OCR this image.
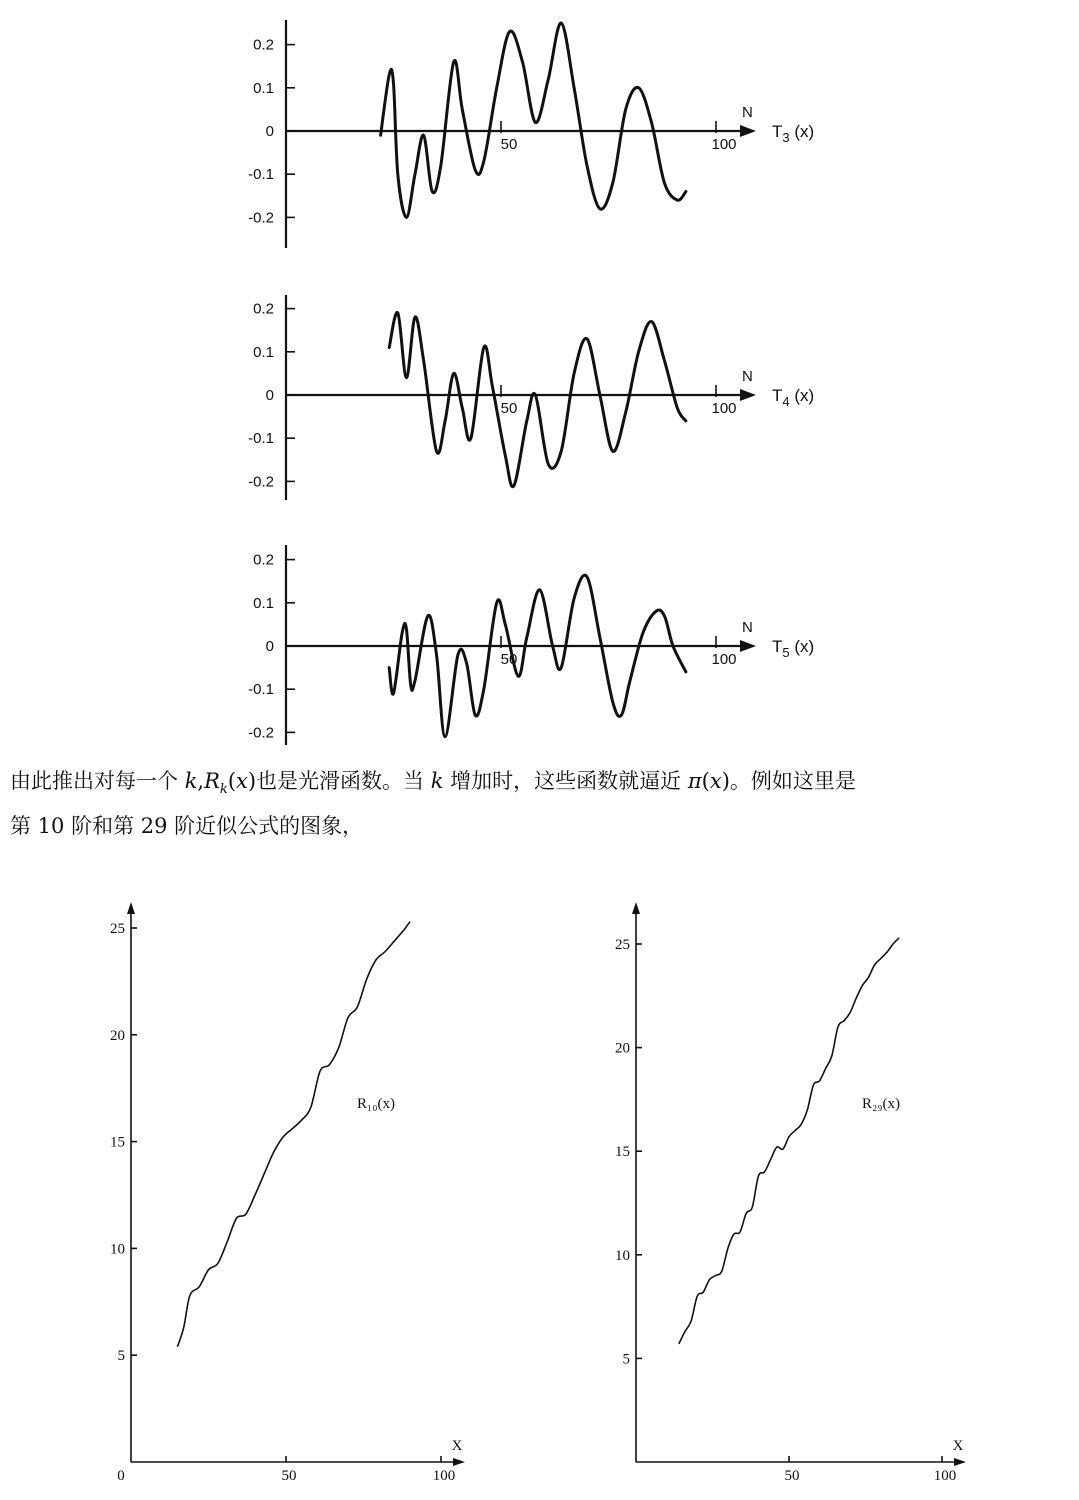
0.2
0.1
0
-0.1
-0.2
50	100
N
$T_3$ (x)
0.2
0.1
0
-0.1
-0.2
50	100
N
$T_4$ (x)
0.2
0.1
0
-0.1
-0.2
50	100
N
$T_5$ (x)

由此推出对每一个 $k,R_k(x)$也是光滑函数。当 k 增加时，这些函数就逼近 π(x)。例如这里是

第 10 阶和第 29 阶近似公式的图象，

25
20
15
10
5
0	50	100
X
R₁₀(x)
25
20
15
10
5
50	100
X
R₂₉(x)
